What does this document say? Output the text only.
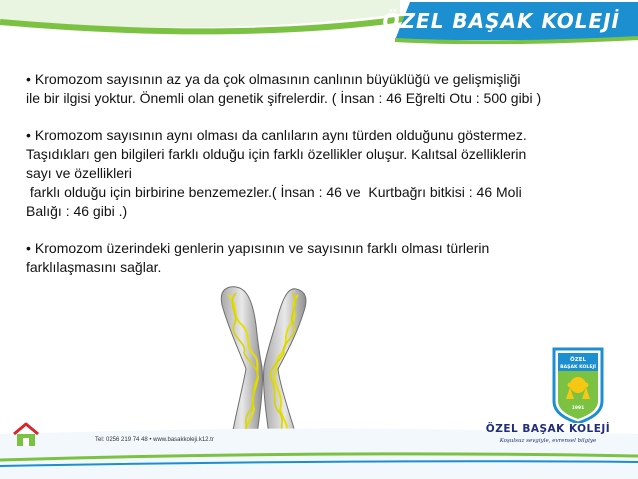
ÖZEL BAŞAK KOLEJİ

• Kromozom sayısının az ya da çok olmasının canlının büyüklüğü ve gelişmişliği
ile bir ilgisi yoktur. Önemli olan genetik şifrelerdir. ( İnsan : 46 Eğrelti Otu : 500 gibi )

• Kromozom sayısının aynı olması da canlıların aynı türden olduğunu göstermez.
Taşıdıkları gen bilgileri farklı olduğu için farklı özellikler oluşur. Kalıtsal özelliklerin
sayı ve özellikleri
farklı olduğu için birbirine benzemezler.( İnsan : 46 ve  Kurtbağrı bitkisi : 46 Moli
Balığı : 46 gibi .)

• Kromozom üzerindeki genlerin yapısının ve sayısının farklı olması türlerin
farklılaşmasını sağlar.

Tel: 0256 219 74 48 • www.basakkoleji.k12.tr
ÖZEL
BAŞAK KOLEJİ
1991
ÖZEL BAŞAK KOLEJİ
Koşulsuz sevgiyle, evrensel bilgiye
